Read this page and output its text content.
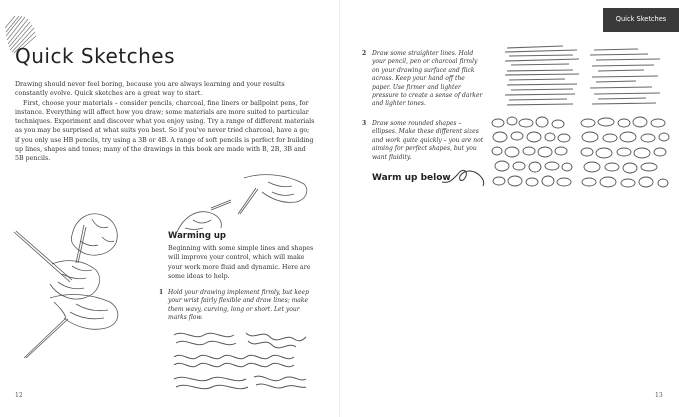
Quick Sketches

Drawing should never feel boring, because you are always learning and your results constantly evolve. Quick sketches are a great way to start.

First, choose your materials – consider pencils, charcoal, fine liners or ballpoint pens, for instance. Everything will affect how you draw; some materials are more suited to particular techniques. Experiment and discover what you enjoy using. Try a range of different materials as you may be surprised at what suits you best. So if you've never tried charcoal, have a go; if you only use HB pencils, try using a 3B or 4B. A range of soft pencils is perfect for building up lines, shapes and tones; many of the drawings in this book are made with B, 2B, 3B and 5B pencils.

Warming up
Beginning with some simple lines and shapes will improve your control, which will make your work more fluid and dynamic. Here are some ideas to help.
1 Hold your drawing implement firmly, but keep your wrist fairly flexible and draw lines; make them wavy, curving, long or short. Let your marks flow.
12
Quick Sketches
2 Draw some straighter lines. Hold your pencil, pen or charcoal firmly on your drawing surface and flick across. Keep your hand off the paper. Use firmer and lighter pressure to create a sense of darker and lighter tones.
3 Draw some rounded shapes – ellipses. Make these different sizes and work quite quickly – you are not aiming for perfect shapes, but you want fluidity.
Warm up below
13
